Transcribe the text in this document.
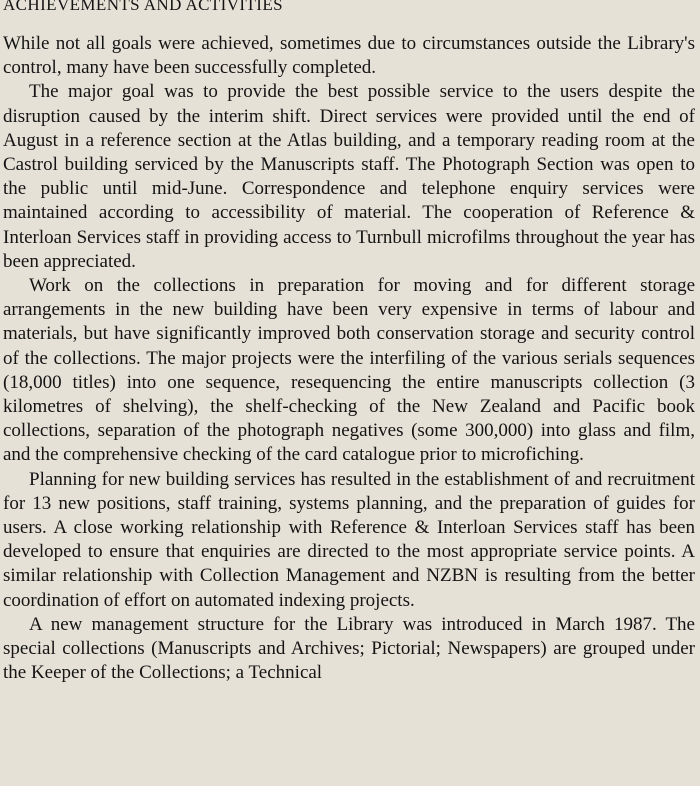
ACHIEVEMENTS AND ACTIVITIES

While not all goals were achieved, sometimes due to circumstances outside the Library's control, many have been successfully completed.

The major goal was to provide the best possible service to the users despite the disruption caused by the interim shift. Direct services were provided until the end of August in a reference section at the Atlas building, and a temporary reading room at the Castrol building serviced by the Manuscripts staff. The Photograph Section was open to the public until mid-June. Correspondence and telephone enquiry services were maintained according to accessibility of material. The cooperation of Reference & Interloan Services staff in providing access to Turnbull microfilms throughout the year has been appreciated.

Work on the collections in preparation for moving and for different storage arrangements in the new building have been very expensive in terms of labour and materials, but have significantly improved both conservation storage and security control of the collections. The major projects were the interfiling of the various serials sequences (18,000 titles) into one sequence, resequencing the entire manuscripts collection (3 kilometres of shelving), the shelf-checking of the New Zealand and Pacific book collections, separation of the photograph negatives (some 300,000) into glass and film, and the comprehensive checking of the card catalogue prior to microfiching.

Planning for new building services has resulted in the establishment of and recruitment for 13 new positions, staff training, systems planning, and the preparation of guides for users. A close working relationship with Reference & Interloan Services staff has been developed to ensure that enquiries are directed to the most appropriate service points. A similar relationship with Collection Management and NZBN is resulting from the better coordination of effort on automated indexing projects.

A new management structure for the Library was introduced in March 1987. The special collections (Manuscripts and Archives; Pictorial; Newspapers) are grouped under the Keeper of the Collections; a Technical
